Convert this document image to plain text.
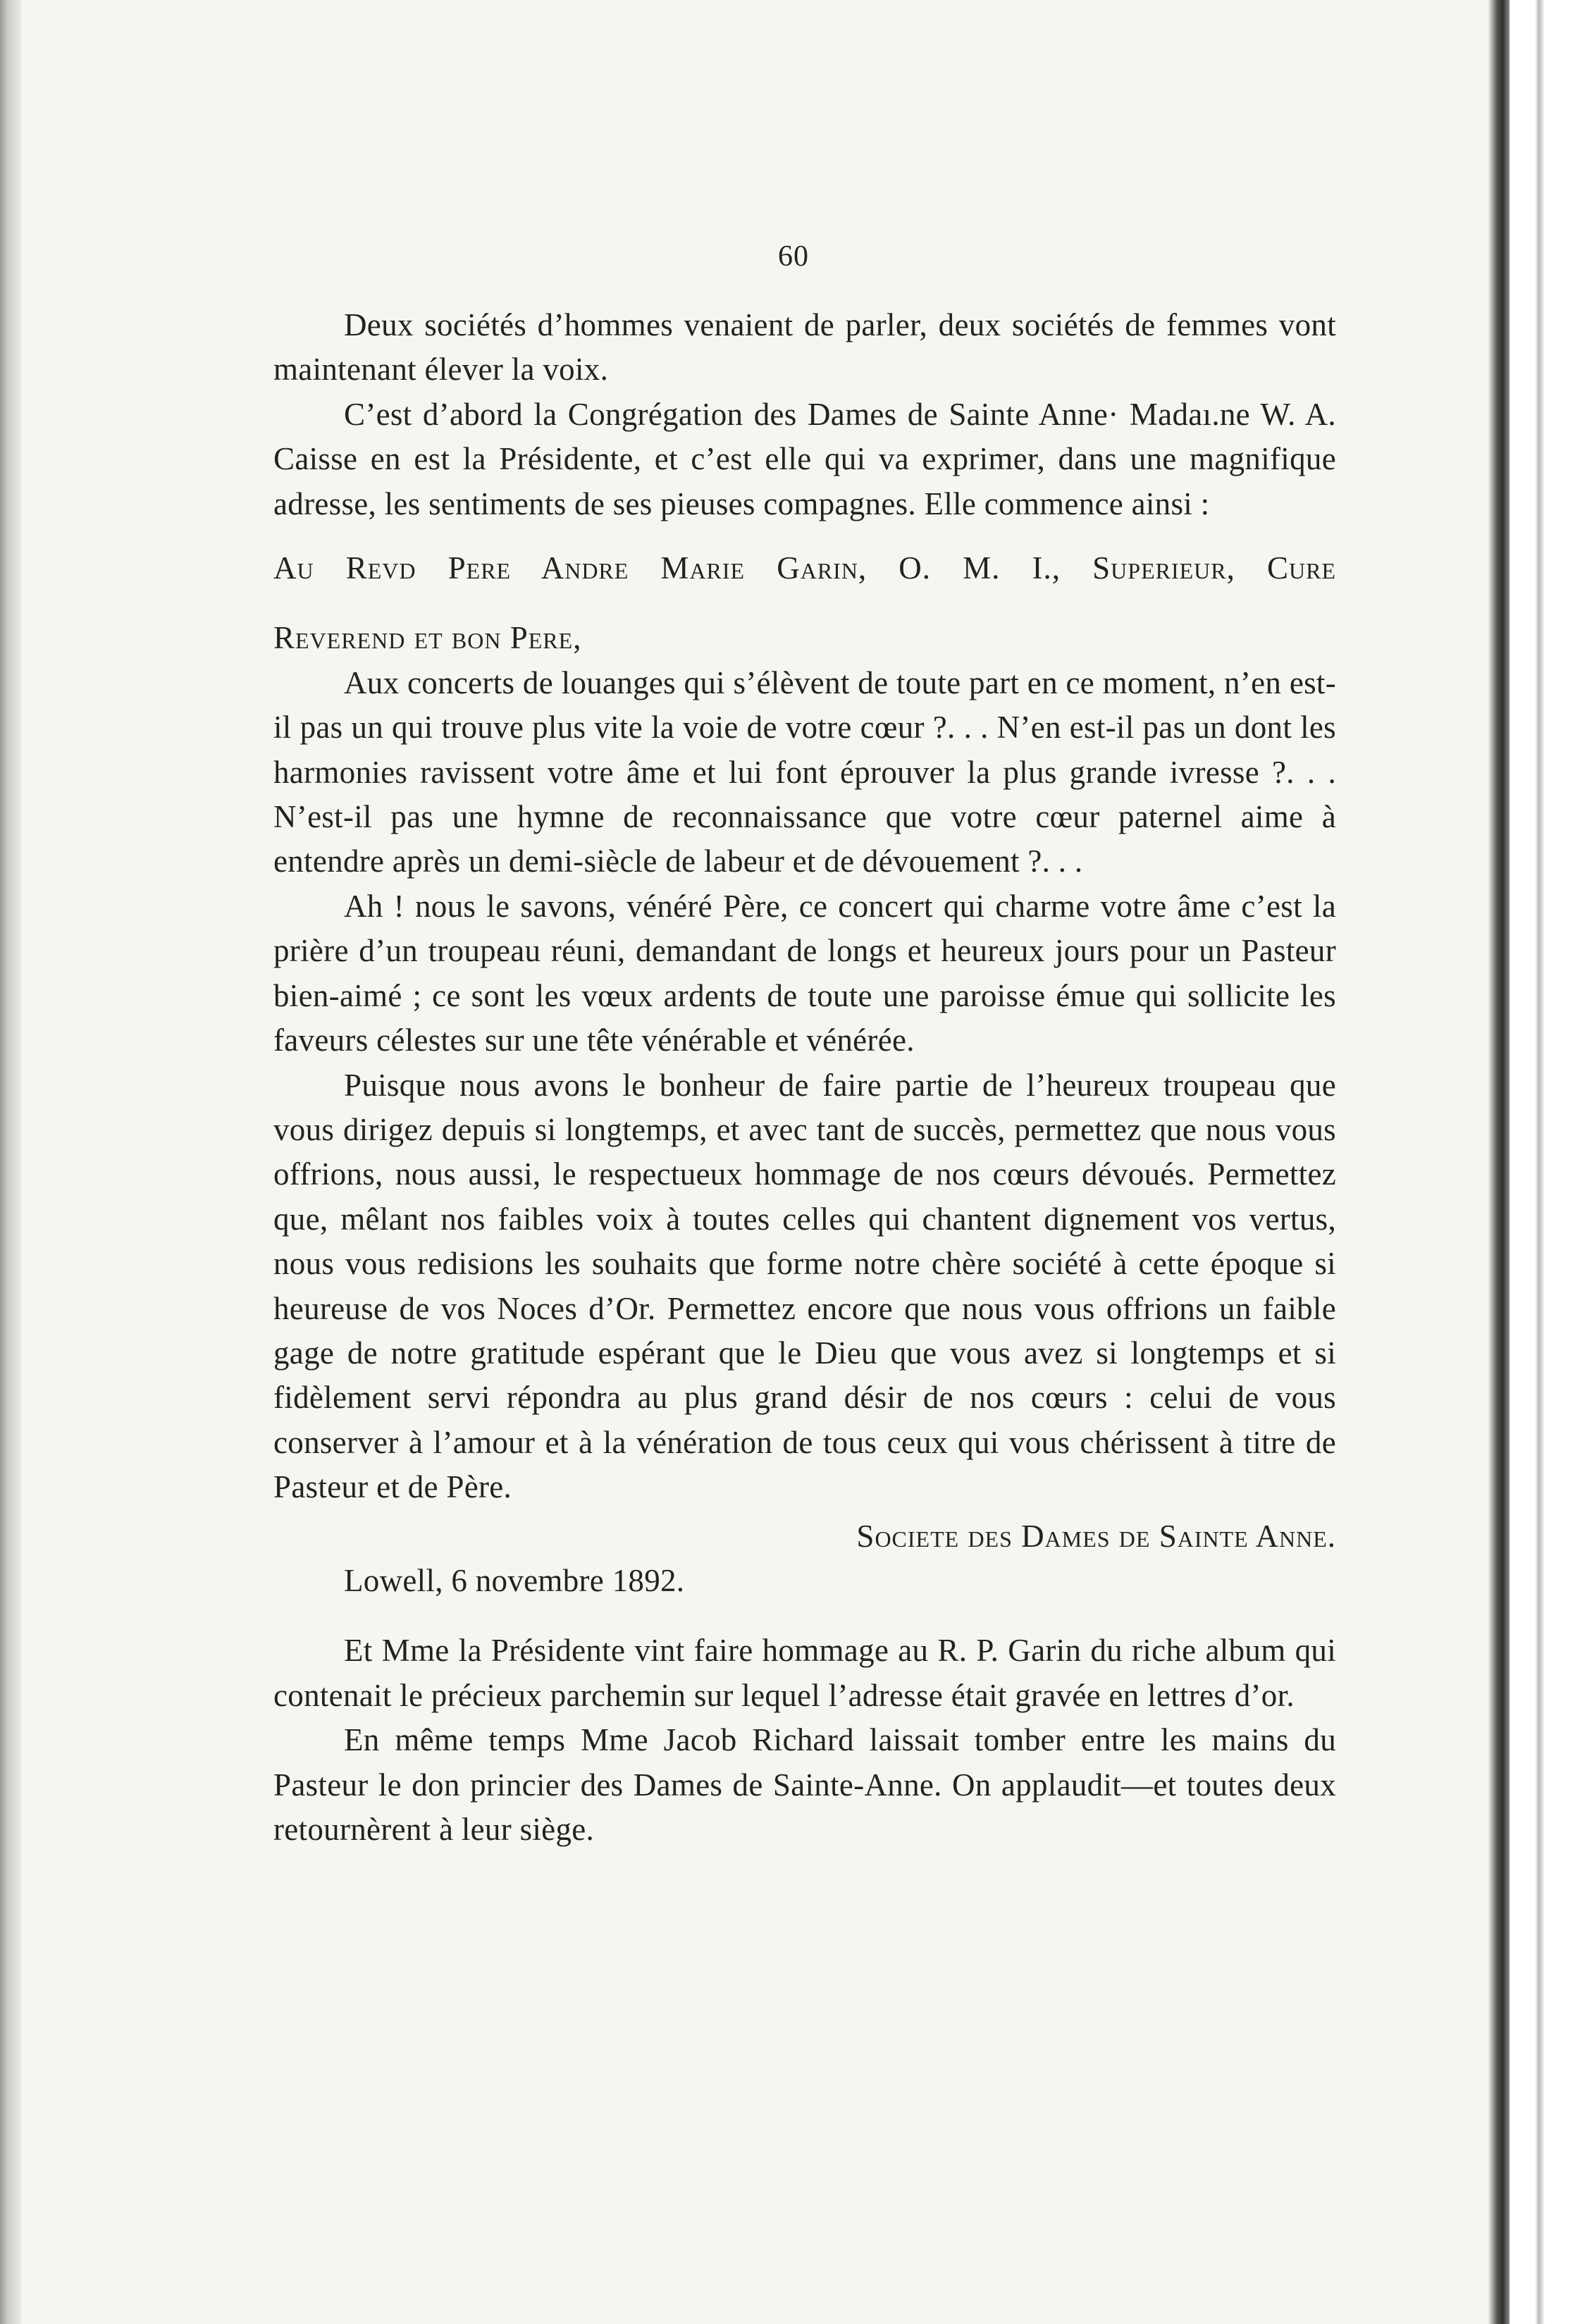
60

Deux sociétés d’hommes venaient de parler, deux sociétés de femmes vont maintenant élever la voix.

C’est d’abord la Congrégation des Dames de Sainte Anne· Madaı.ne W. A. Caisse en est la Présidente, et c’est elle qui va exprimer, dans une magnifique adresse, les sentiments de ses pieuses compagnes. Elle commence ainsi :

Au Revd Pere Andre Marie Garin, O. M. I., Superieur, Cure

Reverend et bon Pere,

Aux concerts de louanges qui s’élèvent de toute part en ce moment, n’en est-il pas un qui trouve plus vite la voie de votre cœur ?. . . N’en est-il pas un dont les harmonies ravissent votre âme et lui font éprouver la plus grande ivresse ?. . . N’est-il pas une hymne de reconnaissance que votre cœur paternel aime à entendre après un demi-siècle de labeur et de dévouement ?. . .

Ah ! nous le savons, vénéré Père, ce concert qui charme votre âme c’est la prière d’un troupeau réuni, demandant de longs et heureux jours pour un Pasteur bien-aimé ; ce sont les vœux ardents de toute une paroisse émue qui sollicite les faveurs célestes sur une tête vénérable et vénérée.

Puisque nous avons le bonheur de faire partie de l’heureux troupeau que vous dirigez depuis si longtemps, et avec tant de succès, permettez que nous vous offrions, nous aussi, le respectueux hommage de nos cœurs dévoués. Permettez que, mêlant nos faibles voix à toutes celles qui chantent dignement vos vertus, nous vous redisions les souhaits que forme notre chère société à cette époque si heureuse de vos Noces d’Or. Permettez encore que nous vous offrions un faible gage de notre gratitude espérant que le Dieu que vous avez si longtemps et si fidèlement servi répondra au plus grand désir de nos cœurs : celui de vous conserver à l’amour et à la vénération de tous ceux qui vous chérissent à titre de Pasteur et de Père.

Societe des Dames de Sainte Anne.

Lowell, 6 novembre 1892.

Et Mme la Présidente vint faire hommage au R. P. Garin du riche album qui contenait le précieux parchemin sur lequel l’adresse était gravée en lettres d’or.

En même temps Mme Jacob Richard laissait tomber entre les mains du Pasteur le don princier des Dames de Sainte-Anne. On applaudit—et toutes deux retournèrent à leur siège.
